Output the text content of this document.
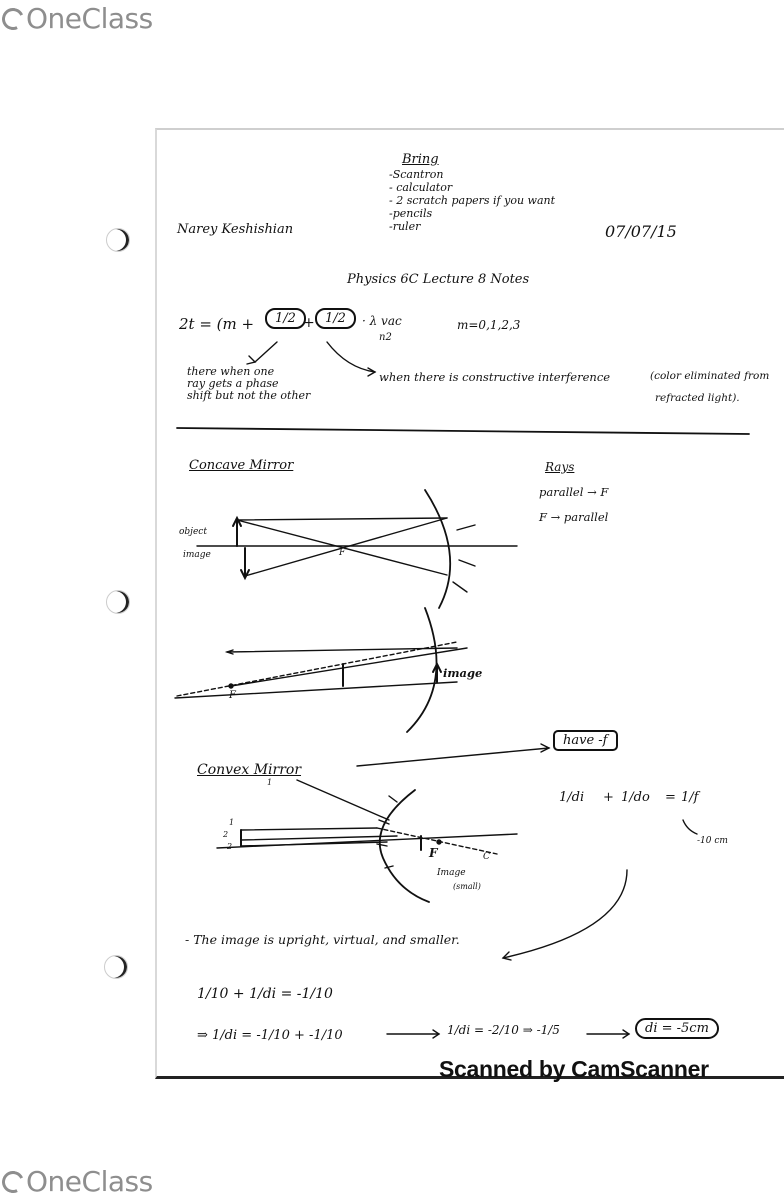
OneClass
Bring
-Scantron
- calculator
- 2 scratch papers if you want
-pencils
-ruler
Narey Keshishian	07/07/15
Physics 6C Lecture 8 Notes
2t = (m +	1/2 + 1/2	· λ vac
n2
m=0,1,2,3
there when one
ray gets a phase
shift but not the other
when there is constructive interference	(color eliminated from
refracted light).
Concave Mirror
object
image	F
Rays
parallel → F
F → parallel
image
F
Convex Mirror
have -f
1
1
2
2	F	C
Image
(small)
1/di + 1/do = 1/f
-10 cm
- The image is upright, virtual, and smaller.
1/10 + 1/di = -1/10
⇒ 1/di = -1/10 + -1/10	1/di = -2/10 ⇒ -1/5	di = -5cm
Scanned by CamScanner
OneClass
